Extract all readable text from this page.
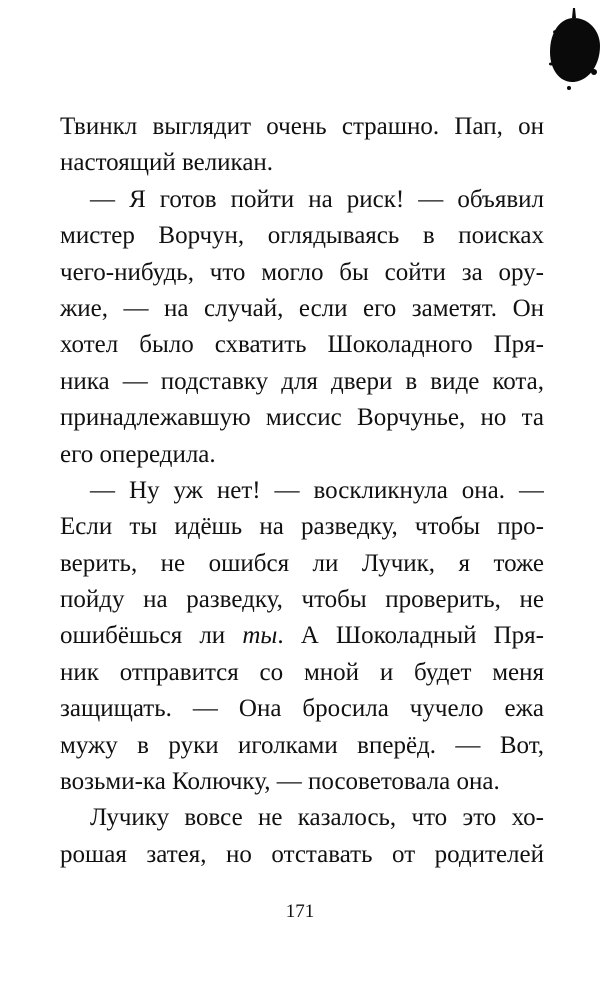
Твинкл выглядит очень страшно. Пап, он
настоящий великан.
— Я готов пойти на риск! — объявил
мистер Ворчун, оглядываясь в поисках
чего-нибудь, что могло бы сойти за ору-
жие, — на случай, если его заметят. Он
хотел было схватить Шоколадного Пря-
ника — подставку для двери в виде кота,
принадлежавшую миссис Ворчунье, но та
его опередила.
— Ну уж нет! — воскликнула она. —
Если ты идёшь на разведку, чтобы про-
верить, не ошибся ли Лучик, я тоже
пойду на разведку, чтобы проверить, не
ошибёшься ли ты. А Шоколадный Пря-
ник отправится со мной и будет меня
защищать. — Она бросила чучело ежа
мужу в руки иголками вперёд. — Вот,
возьми-ка Колючку, — посоветовала она.
Лучику вовсе не казалось, что это хо-
рошая затея, но отставать от родителей
171
